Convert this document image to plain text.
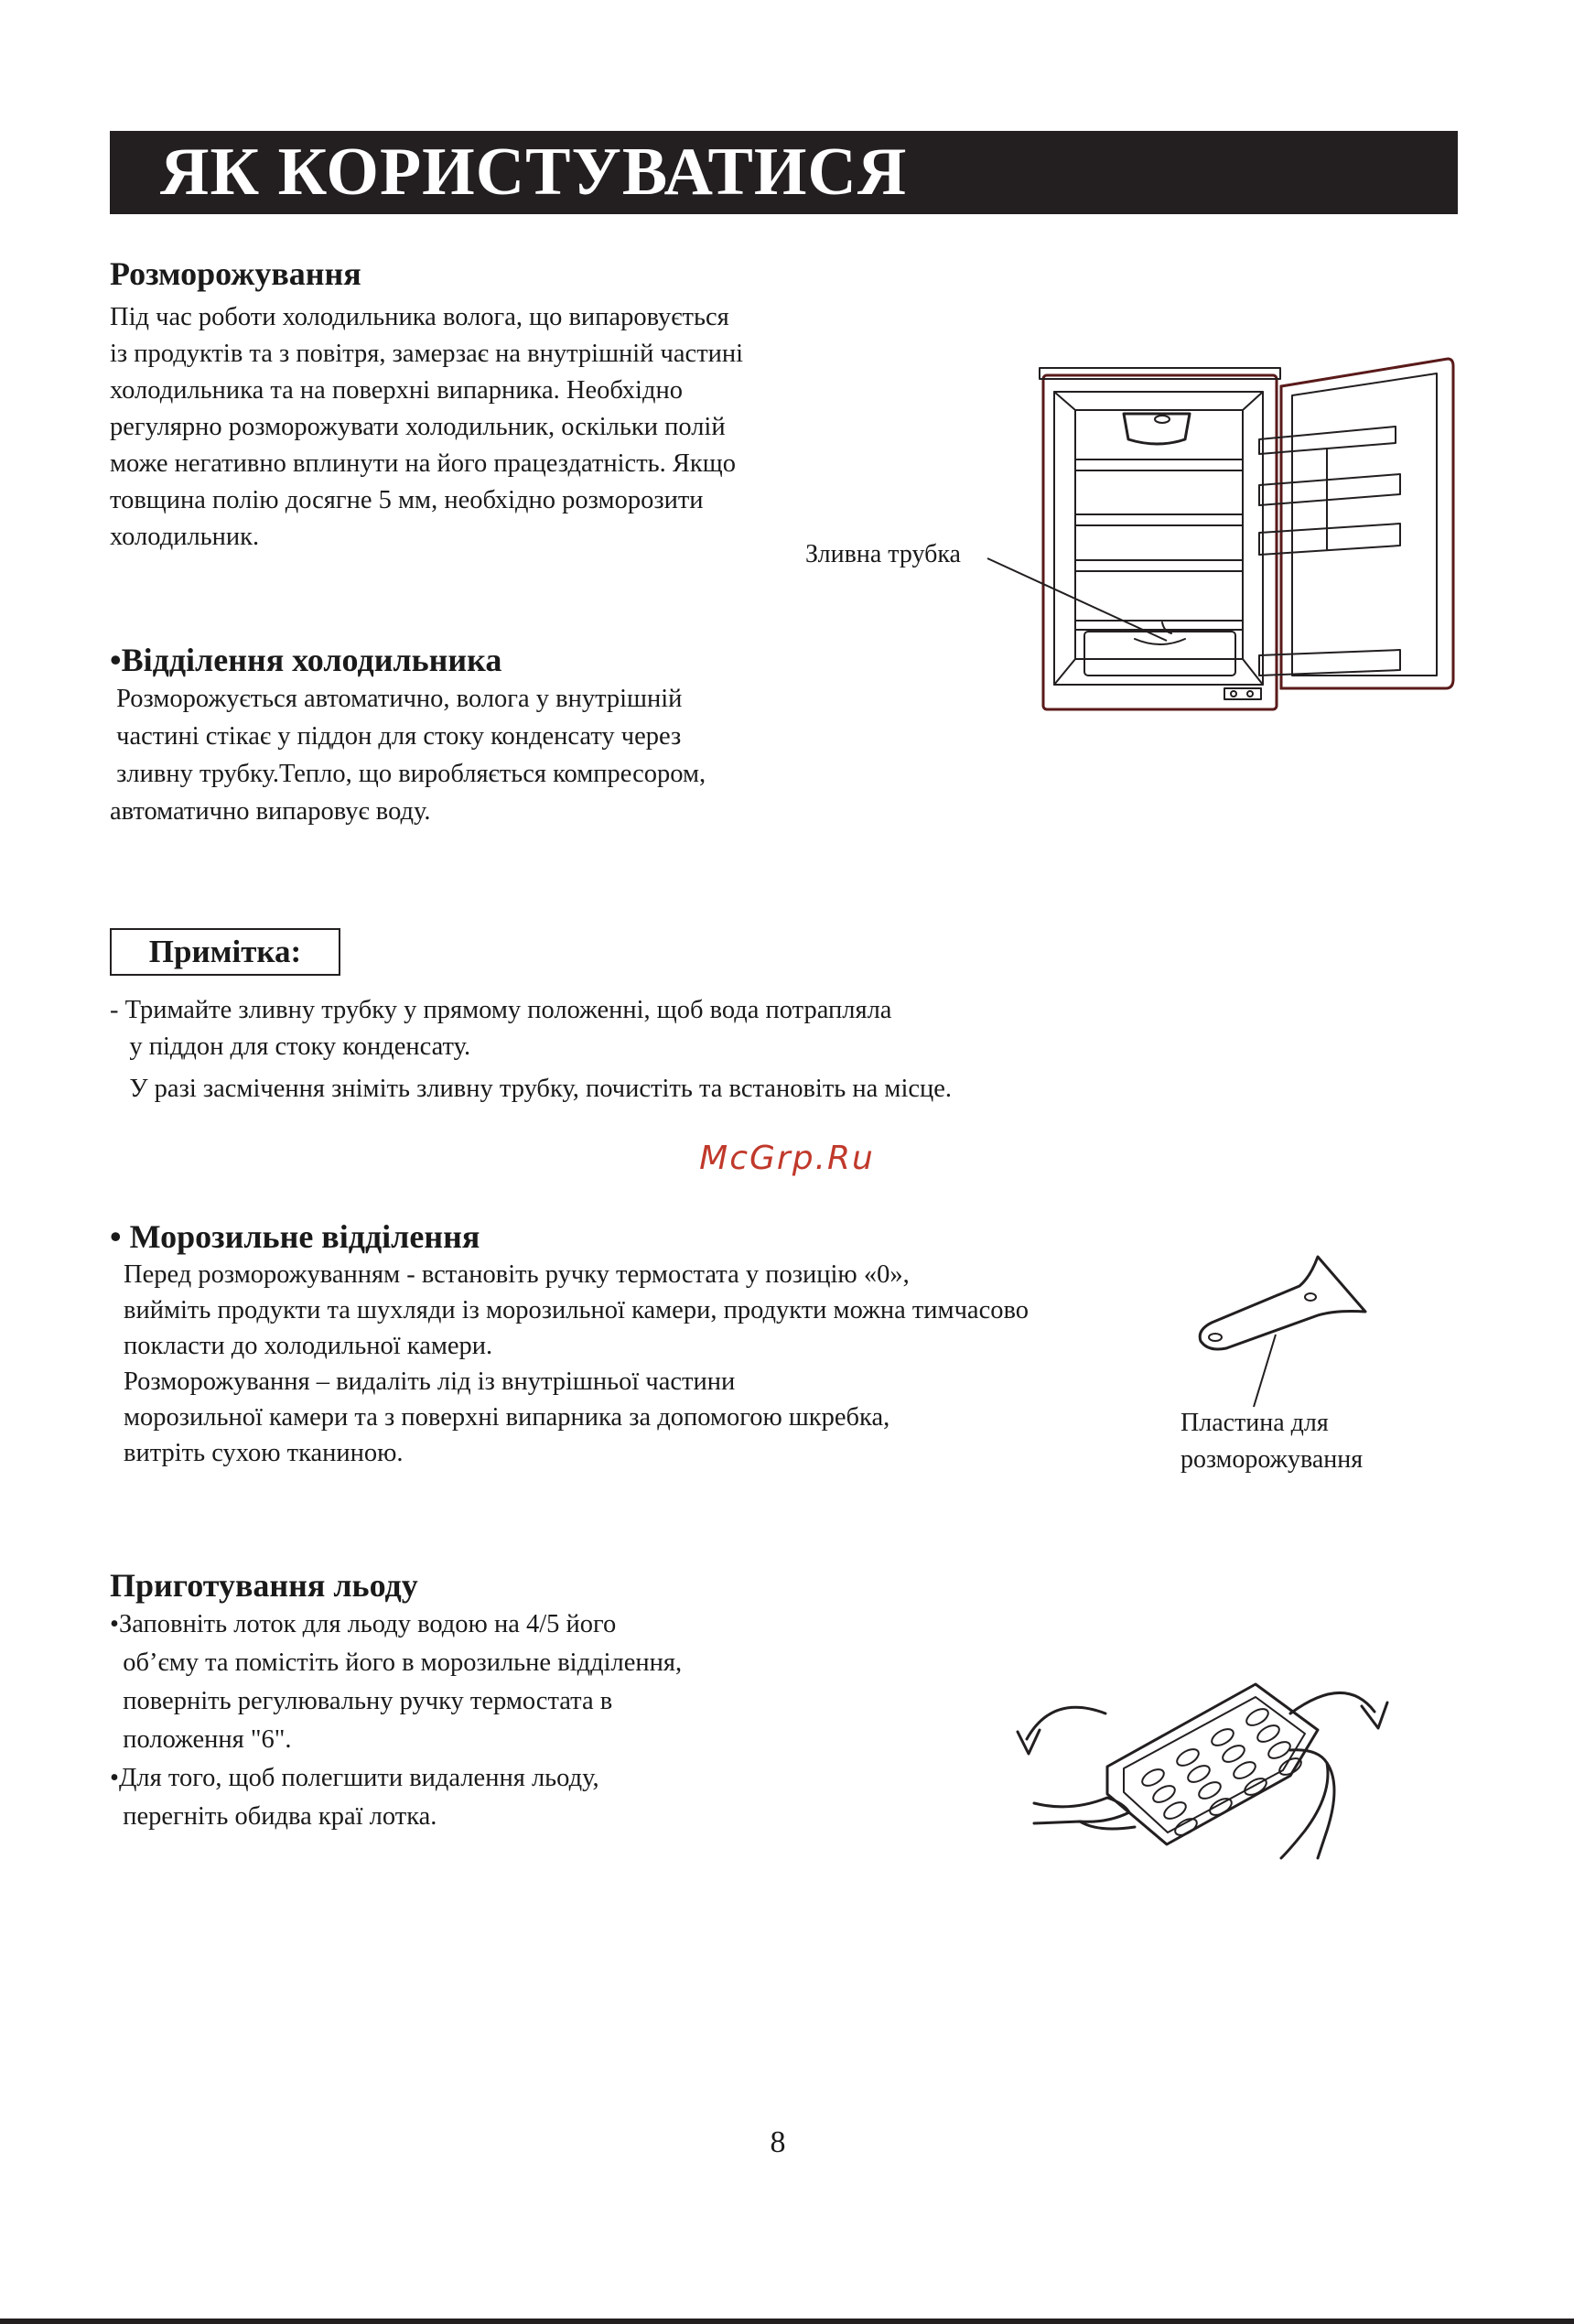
ЯК КОРИСТУВАТИСЯ
Розморожування
Під час роботи холодильника волога, що випаровується
із продуктів та з повітря, замерзає на внутрішній частині
холодильника та на поверхні випарника. Необхідно
регулярно розморожувати холодильник, оскільки полій
може негативно вплинути на його працездатність. Якщо
товщина полію досягне 5 мм, необхідно розморозити
холодильник.
Зливна трубка
•Відділення холодильника
Розморожується автоматично, волога у внутрішній
частині стікає у піддон для стоку конденсату через
зливну трубку.Тепло, що виробляється компресором,
автоматично випаровує воду.
Примітка:
- Тримайте зливну трубку у прямому положенні, щоб вода потрапляла
у піддон для стоку конденсату.
У разі засмічення зніміть зливну трубку, почистіть та встановіть на місце.
McGrp.Ru
• Морозильне відділення
Перед розморожуванням - встановіть ручку термостата у позицію «0»,
вийміть продукти та шухляди із морозильної камери, продукти можна тимчасово
покласти до холодильної камери.
Розморожування – видаліть лід із внутрішньої частини
морозильної камери та з поверхні випарника за допомогою шкребка,
витріть сухою тканиною.
Пластина для
розморожування
Приготування льоду
•Заповніть лоток для льоду водою на 4/5 його
об’єму та помістіть його в морозильне відділення,
поверніть регулювальну ручку термостата в
положення "6".
•Для того, щоб полегшити видалення льоду,
перегніть обидва краї лотка.
8
